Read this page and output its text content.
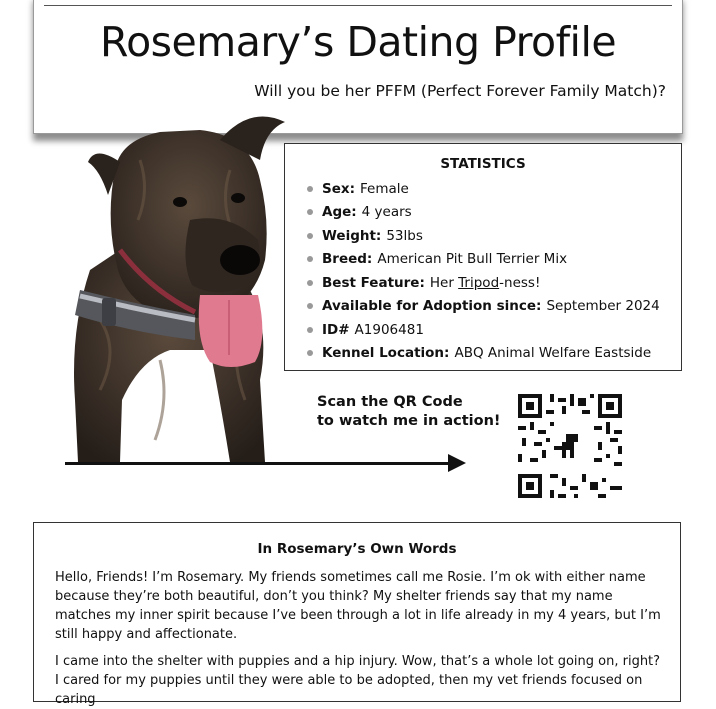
Rosemary’s Dating Profile
Will you be her PFFM (Perfect Forever Family Match)?
STATISTICS
Sex: Female
Age: 4 years
Weight: 53lbs
Breed: American Pit Bull Terrier Mix
Best Feature: Her
Tripod -ness!
Available for Adoption since: September 2024
ID# A1906481
Kennel Location: ABQ Animal Welfare Eastside
Scan the QR Code
to watch me in action!
In Rosemary’s Own Words

Hello, Friends! I’m Rosemary. My friends sometimes call me Rosie. I’m ok with either name because they’re both beautiful, don’t you think? My shelter friends say that my name matches my inner spirit because I’ve been through a lot in life already in my 4 years, but I’m still happy and affectionate.

I came into the shelter with puppies and a hip injury. Wow, that’s a whole lot going on, right? I cared for my puppies until they were able to be adopted, then my vet friends focused on caring
